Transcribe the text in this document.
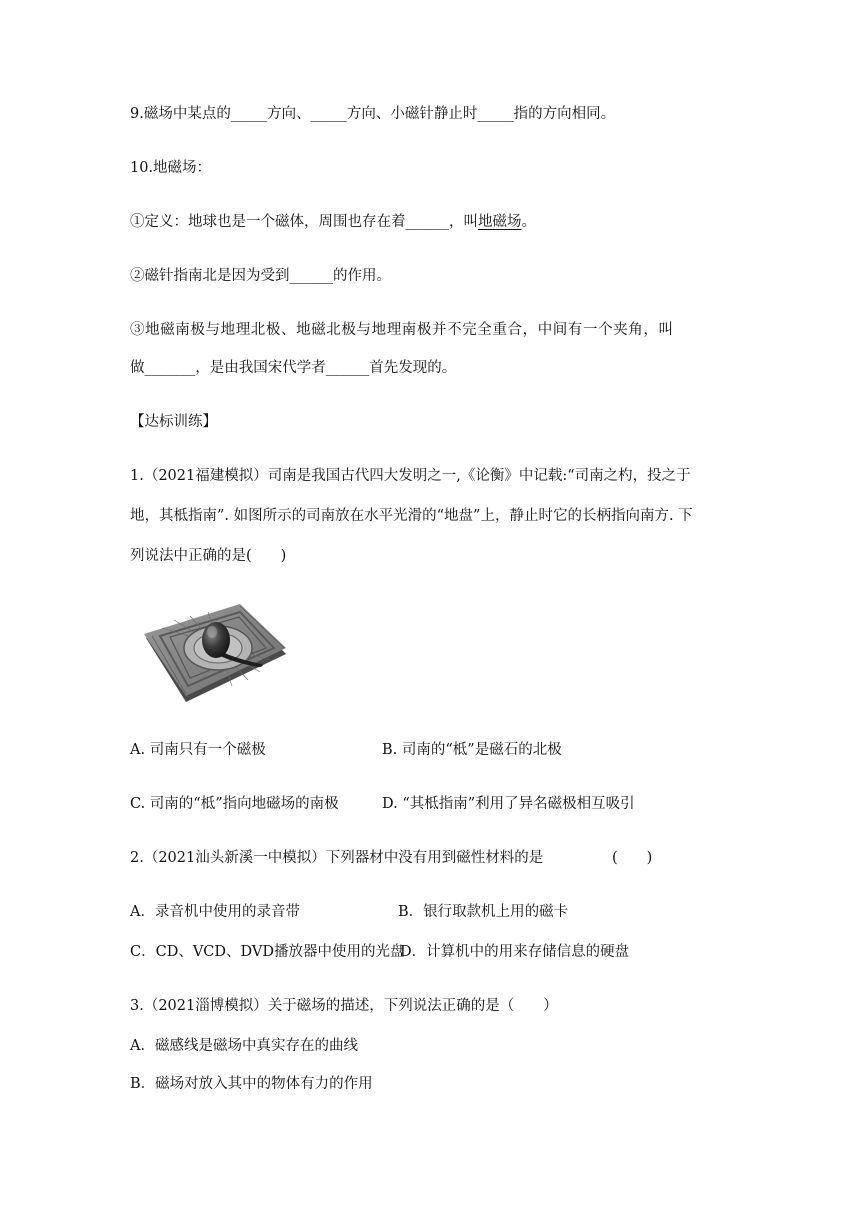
9.磁场中某点的_____方向、_____方向、小磁针静止时_____指的方向相同。
10.地磁场：
①定义：地球也是一个磁体，周围也存在着______，叫地磁场。
②磁针指南北是因为受到______的作用。
③地磁南极与地理北极、地磁北极与地理南极并不完全重合，中间有一个夹角，叫
做_______，是由我国宋代学者______首先发现的。
【达标训练】
1.（2021福建模拟）司南是我国古代四大发明之一,《论衡》中记载:“司南之杓，投之于
地，其柢指南”. 如图所示的司南放在水平光滑的“地盘”上，静止时它的长柄指向南方. 下
列说法中正确的是(　　)
A. 司南只有一个磁极	B. 司南的“柢”是磁石的北极
C. 司南的“柢”指向地磁场的南极	D. “其柢指南”利用了异名磁极相互吸引
2.（2021汕头新溪一中模拟）下列器材中没有用到磁性材料的是	(　　)
A．录音机中使用的录音带	B．银行取款机上用的磁卡
C．CD、VCD、DVD播放器中使用的光盘
D．计算机中的用来存储信息的硬盘
3.（2021淄博模拟）关于磁场的描述，下列说法正确的是（　　）
A．磁感线是磁场中真实存在的曲线
B．磁场对放入其中的物体有力的作用
